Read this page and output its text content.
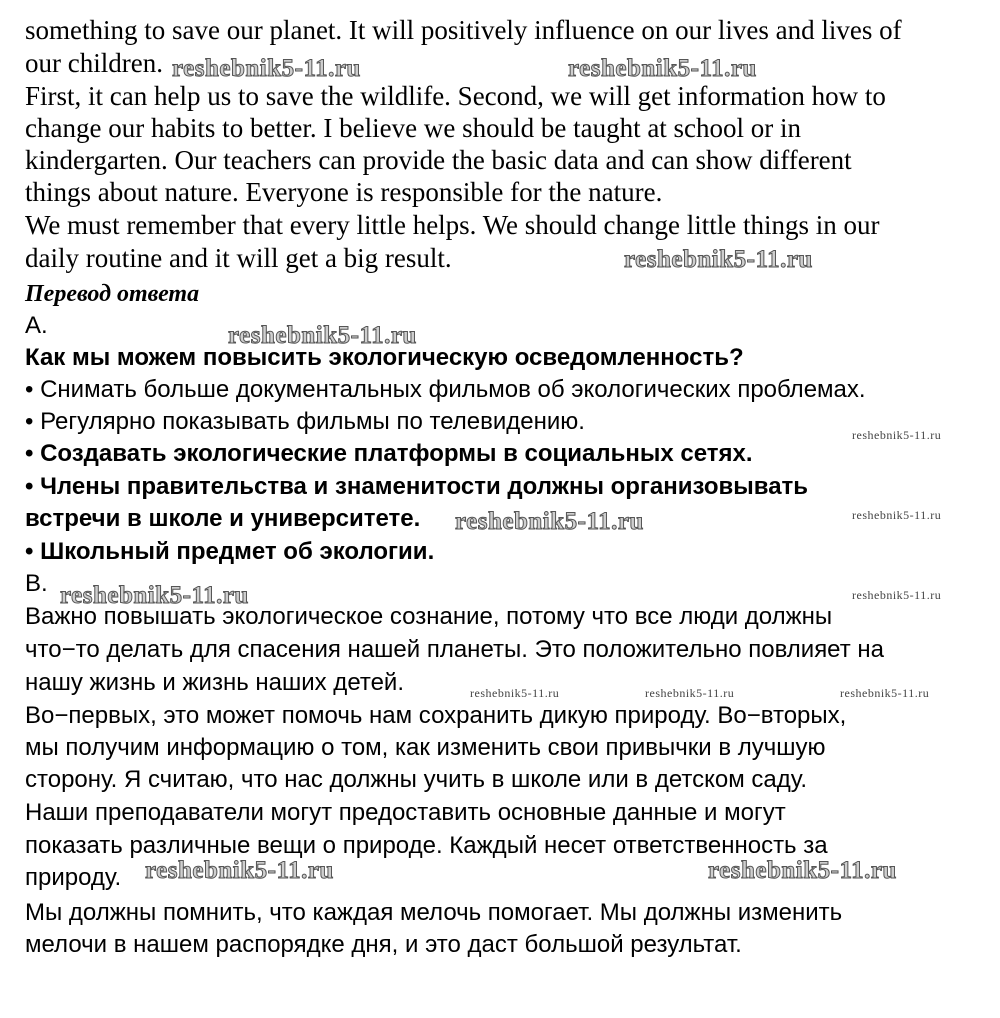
something to save our planet. It will positively influence on our lives and lives of
our children.
First, it can help us to save the wildlife. Second, we will get information how to
change our habits to better. I believe we should be taught at school or in
kindergarten. Our teachers can provide the basic data and can show different
things about nature. Everyone is responsible for the nature.
We must remember that every little helps. We should change little things in our
daily routine and it will get a big result.
Перевод ответа
A.
Как мы можем повысить экологическую осведомленность?
• Снимать больше документальных фильмов об экологических проблемах.
• Регулярно показывать фильмы по телевидению.
• Создавать экологические платформы в социальных сетях.
• Члены правительства и знаменитости должны организовывать
встречи в школе и университете.
• Школьный предмет об экологии.
B.
Важно повышать экологическое сознание, потому что все люди должны
что−то делать для спасения нашей планеты. Это положительно повлияет на
нашу жизнь и жизнь наших детей.
Во−первых, это может помочь нам сохранить дикую природу. Во−вторых,
мы получим информацию о том, как изменить свои привычки в лучшую
сторону. Я считаю, что нас должны учить в школе или в детском саду.
Наши преподаватели могут предоставить основные данные и могут
показать различные вещи о природе. Каждый несет ответственность за
природу.
Мы должны помнить, что каждая мелочь помогает. Мы должны изменить
мелочи в нашем распорядке дня, и это даст большой результат.
reshebnik5-11.ru	reshebnik5-11.ru
reshebnik5-11.ru
reshebnik5-11.ru
reshebnik5-11.ru
reshebnik5-11.ru
reshebnik5-11.ru	reshebnik5-11.ru
reshebnik5-11.ru
reshebnik5-11.ru
reshebnik5-11.ru
reshebnik5-11.ru	reshebnik5-11.ru	reshebnik5-11.ru
